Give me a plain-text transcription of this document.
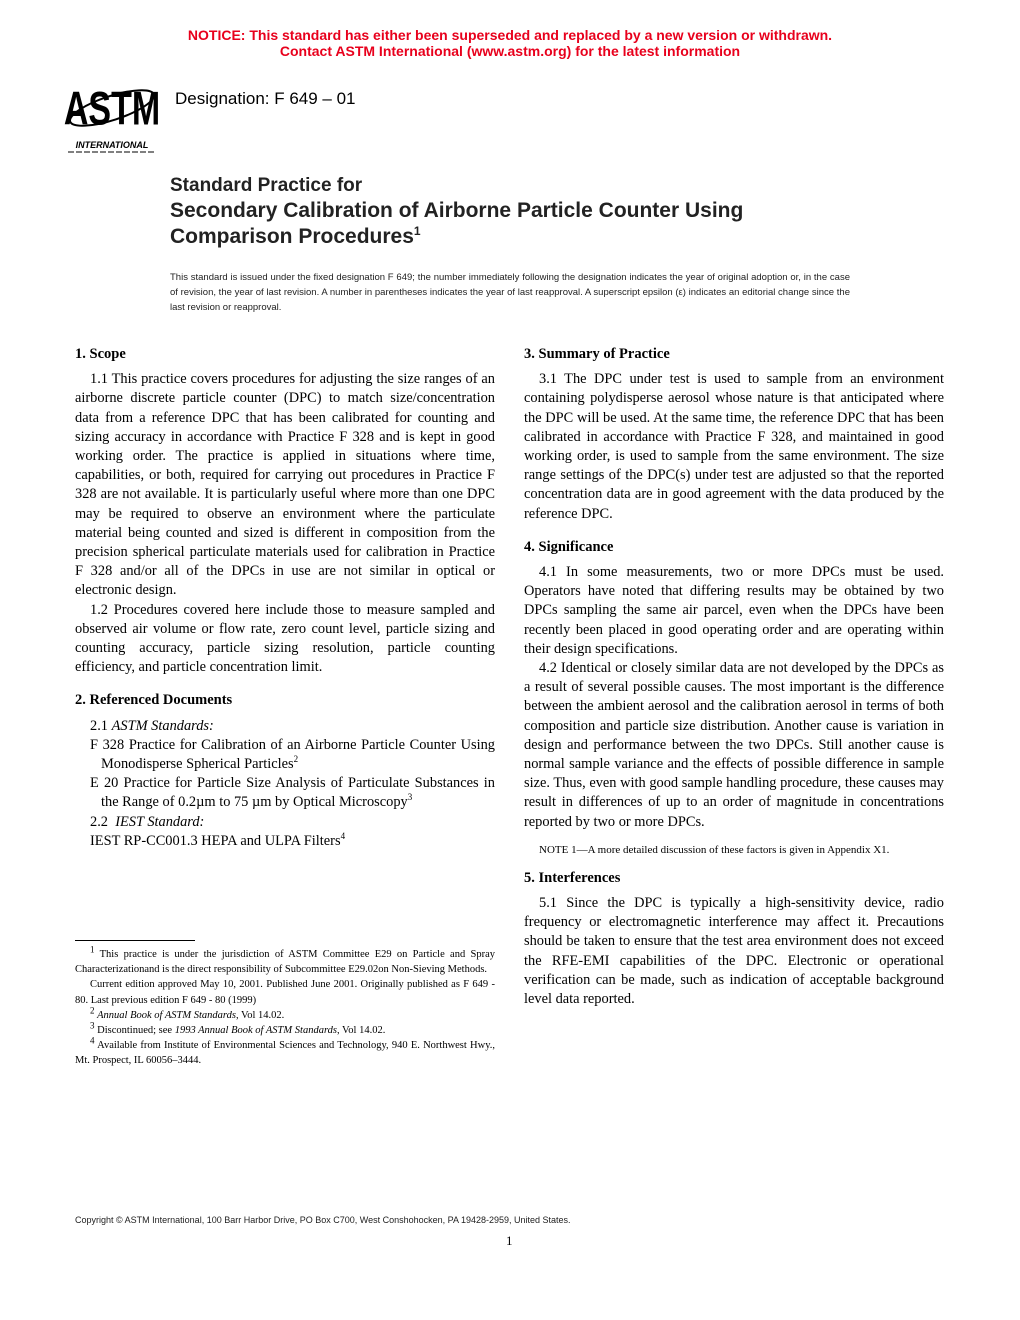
NOTICE: This standard has either been superseded and replaced by a new version or withdrawn.
Contact ASTM International (www.astm.org) for the latest information
ASTM
INTERNATIONAL
Designation: F 649 – 01
Standard Practice for
Secondary Calibration of Airborne Particle Counter Using
Comparison Procedures$^1$
This standard is issued under the fixed designation F 649; the number immediately following the designation indicates the year of original adoption or, in the case of revision, the year of last revision. A number in parentheses indicates the year of last reapproval. A superscript epsilon (ε) indicates an editorial change since the last revision or reapproval.
1. Scope

1.1 This practice covers procedures for adjusting the size ranges of an airborne discrete particle counter (DPC) to match size/concentration data from a reference DPC that has been calibrated for counting and sizing accuracy in accordance with Practice F 328 and is kept in good working order. The practice is applied in situations where time, capabilities, or both, required for carrying out procedures in Practice F 328 are not available. It is particularly useful where more than one DPC may be required to observe an environment where the particulate material being counted and sized is different in composition from the precision spherical particulate materials used for calibration in Practice F 328 and/or all of the DPCs in use are not similar in optical or electronic design.

1.2 Procedures covered here include those to measure sampled and observed air volume or flow rate, zero count level, particle sizing and counting accuracy, particle sizing resolution, particle counting efficiency, and particle concentration limit.

2. Referenced Documents

2.1 ASTM Standards:

F 328 Practice for Calibration of an Airborne Particle Counter Using Monodisperse Spherical Particles$^2$

E 20 Practice for Particle Size Analysis of Particulate Substances in the Range of 0.2µm to 75 µm by Optical Microscopy$^3$

2.2 IEST Standard:

IEST RP-CC001.3 HEPA and ULPA Filters$^4$

3. Summary of Practice

3.1 The DPC under test is used to sample from an environment containing polydisperse aerosol whose nature is that anticipated where the DPC will be used. At the same time, the reference DPC that has been calibrated in accordance with Practice F 328, and maintained in good working order, is used to sample from the same environment. The size range settings of the DPC(s) under test are adjusted so that the reported concentration data are in good agreement with the data produced by the reference DPC.

4. Significance

4.1 In some measurements, two or more DPCs must be used. Operators have noted that differing results may be obtained by two DPCs sampling the same air parcel, even when the DPCs have been recently been placed in good operating order and are operating within their design specifications.

4.2 Identical or closely similar data are not developed by the DPCs as a result of several possible causes. The most important is the difference between the ambient aerosol and the calibration aerosol in terms of both composition and particle size distribution. Another cause is variation in design and performance between the two DPCs. Still another cause is normal sample variance and the effects of possible difference in sample size. Thus, even with good sample handling procedure, these causes may result in differences of up to an order of magnitude in concentrations reported by two or more DPCs.

NOTE 1—A more detailed discussion of these factors is given in Appendix X1.

5. Interferences

5.1 Since the DPC is typically a high-sensitivity device, radio frequency or electromagnetic interference may affect it. Precautions should be taken to ensure that the test area environment does not exceed the RFE-EMI capabilities of the DPC. Electronic or operational verification can be made, such as indication of acceptable background level data reported.

$^1$ This practice is under the jurisdiction of ASTM Committee E29 on Particle and Spray Characterizationand is the direct responsibility of Subcommittee E29.02on Non-Sieving Methods.

Current edition approved May 10, 2001. Published June 2001. Originally published as F 649 - 80. Last previous edition F 649 - 80 (1999)

$^2$ Annual Book of ASTM Standards, Vol 14.02.

$^3$ Discontinued; see 1993 Annual Book of ASTM Standards, Vol 14.02.

$^4$ Available from Institute of Environmental Sciences and Technology, 940 E. Northwest Hwy., Mt. Prospect, IL 60056–3444.

Copyright © ASTM International, 100 Barr Harbor Drive, PO Box C700, West Conshohocken, PA 19428-2959, United States.
1
